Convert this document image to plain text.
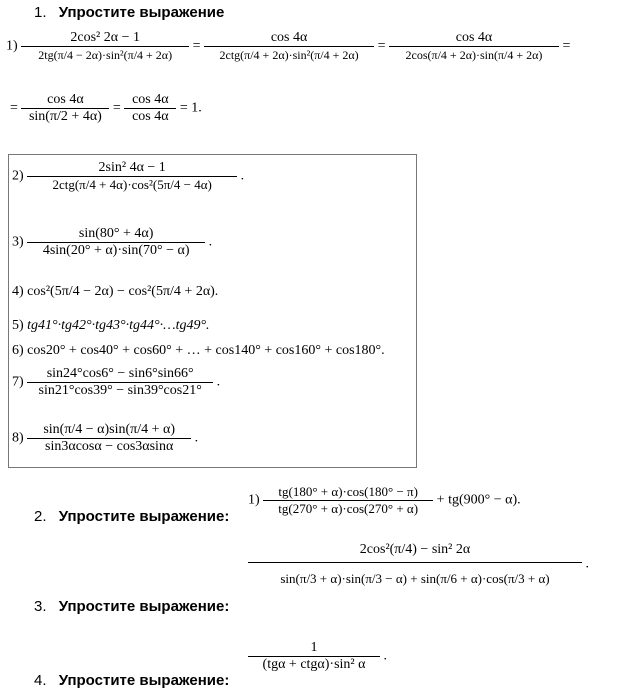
1. Упростите выражение
$1) \frac{\text{2cos² 2α − 1}}{\text{2tg(π/4 − 2α)·sin²(π/4 + 2α)}} = \frac{\cos 4\alpha}{\text{2ctg(π/4 + 2α)·sin²(π/4 + 2α)}} = \frac{\cos 4\alpha}{2\cos(\pi/4 + 2\alpha)\cdot\sin(\pi/4 + 2\alpha)}$ =
= $\frac{\cos 4\alpha}{\sin(\pi/2 + 4\alpha)} = \frac{\cos 4\alpha}{\cos 4\alpha} = 1$.
$2) \frac{\text{2sin² 4α − 1}}{\text{2ctg(π/4 + 4α)·cos²(5π/4 − 4α)}}$ .
$3) \frac{\sin(80^\circ + 4\alpha)}{4\sin(20^\circ + \alpha)\cdot\sin(70^\circ - \alpha)}$ .
4) cos²(5π/4 − 2α) − cos²(5π/4 + 2α).
5) tg41°·tg42°·tg43°·tg44°·…tg49°.
6) cos20° + cos40° + cos60° + … + cos140° + cos160° + cos180°.
$7) \frac{\sin 24^\circ\cos 6^\circ - \sin 6^\circ\sin 66^\circ}{\sin 21^\circ\cos 39^\circ - \sin 39^\circ\cos 21^\circ}$ .
$8) \frac{\sin(\pi/4 - \alpha)\sin(\pi/4 + \alpha)}{\sin 3\alpha\cos\alpha - \cos 3\alpha\sin\alpha}$ .
2. Упростите выражение:
$1) \frac{tg(180^\circ + \alpha)\cdot\cos(180^\circ - \pi)}{tg(270^\circ + \alpha)\cdot\cos(270^\circ + \alpha)} + tg(900^\circ - \alpha)$.
3. Упростите выражение:
$\frac{\text{2cos²(π/4) − sin² 2α}}{\sin(\pi/3 + \alpha)\cdot\sin(\pi/3 - \alpha) + \sin(\pi/6 + \alpha)\cdot\cos(\pi/3 + \alpha)}$ .
4. Упростите выражение:
$\frac{1}{\text{(tgα + ctgα)·sin² α}}$ .
